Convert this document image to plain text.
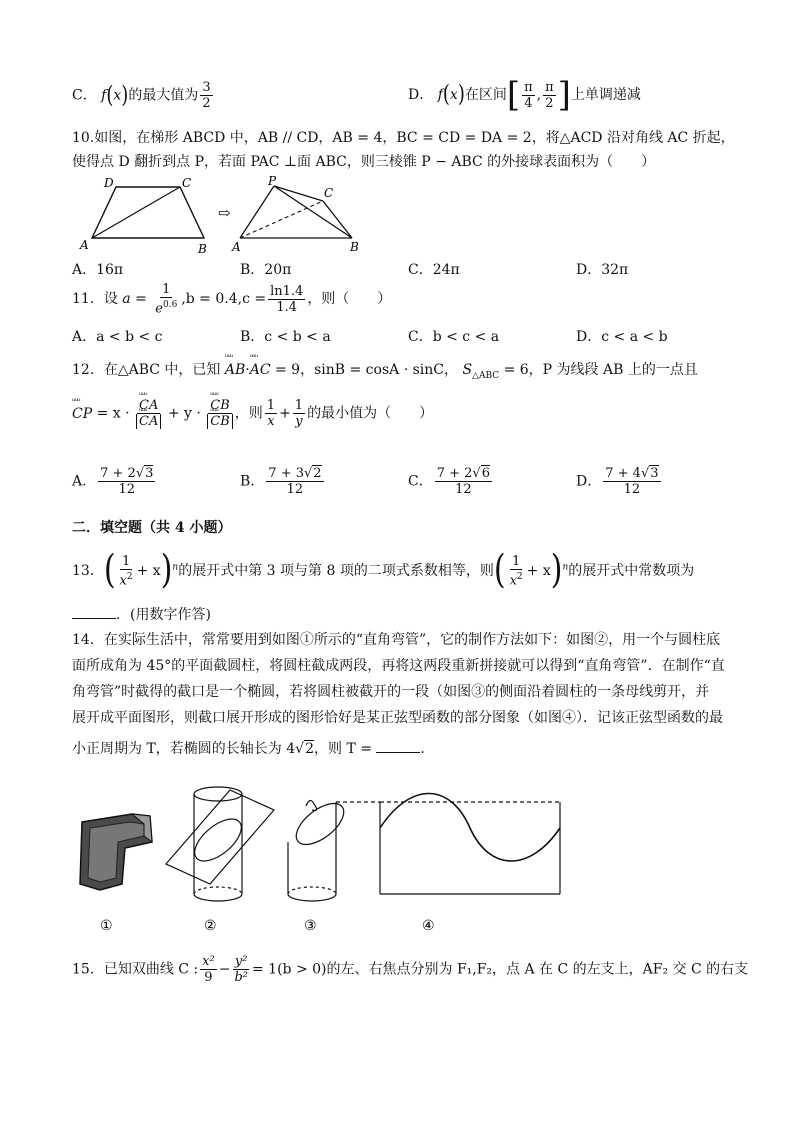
C． f(x)的最大值为 $\frac{3}{2}$	D． f(x)在区间[ $\frac{\pi}{4}$ , $\frac{\pi}{2}$ ]上单调递减
10.如图，在梯形 ABCD 中，AB // CD，AB = 4，BC = CD = DA = 2，将△ACD 沿对角线 AC 折起，
使得点 D 翻折到点 P，若面 PAC ⊥面 ABC，则三棱锥 P − ABC 的外接球表面积为（　　）
D	C
A	B
⇨
P
C
A	B
A．16π	B．20π	C．24π	D．32π
11．设 $a = \frac{1}{e^{0.6}} ,b = 0.4,c = \frac{\ln 1.4}{1.4}$ ，则（　　）
A．a < b < c	B．c < b < a	C．b < c < a	D．c < a < b
12．在△ABC 中，已知 ᵘᵘᵘ AB·ᵘᵘᵘ AC = 9，sinB = cosA · sinC， $S_{\triangle ABC} = 6$，P 为线段 AB 上的一点且
ᵘᵘᵘ CP = x · ᵘᵘᵘ CA
ᵘᵘᵘ CA + y · ᵘᵘᵘ CB
ᵘᵘᵘ CB ，则 $\frac{1}{x} + \frac{1}{y}$ 的最小值为（　　）
A． $\frac{7 + 2√3}{12}$	B． $\frac{7 + 3√2}{12}$	C． $\frac{7 + 2√6}{12}$	D． $\frac{7 + 4√3}{12}$
二．填空题（共 4 小题）
13．( $\frac{1}{x^2} + x)^n$的展开式中第 3 项与第 8 项的二项式系数相等，则( $\frac{1}{x^2} + x)^n$的展开式中常数项为
．(用数字作答)
14．在实际生活中，常常要用到如图①所示的“直角弯管”，它的制作方法如下：如图②，用一个与圆柱底
面所成角为 45°的平面截圆柱，将圆柱截成两段，再将这两段重新拼接就可以得到“直角弯管”．在制作“直
角弯管”时截得的截口是一个椭圆，若将圆柱被截开的一段（如图③的侧面沿着圆柱的一条母线剪开，并
展开成平面图形，则截口展开形成的图形恰好是某正弦型函数的部分图象（如图④）．记该正弦型函数的最
小正周期为 T，若椭圆的长轴长为 4√2，则 T =	．
①	②	③	④
15．已知双曲线 C : $\frac{\text{x²}}{9} - \frac{\text{y²}}{\text{b²}} = 1(b > 0)$的左、右焦点分别为 F₁,F₂，点 A 在 C 的左支上，AF₂ 交 C 的右支
